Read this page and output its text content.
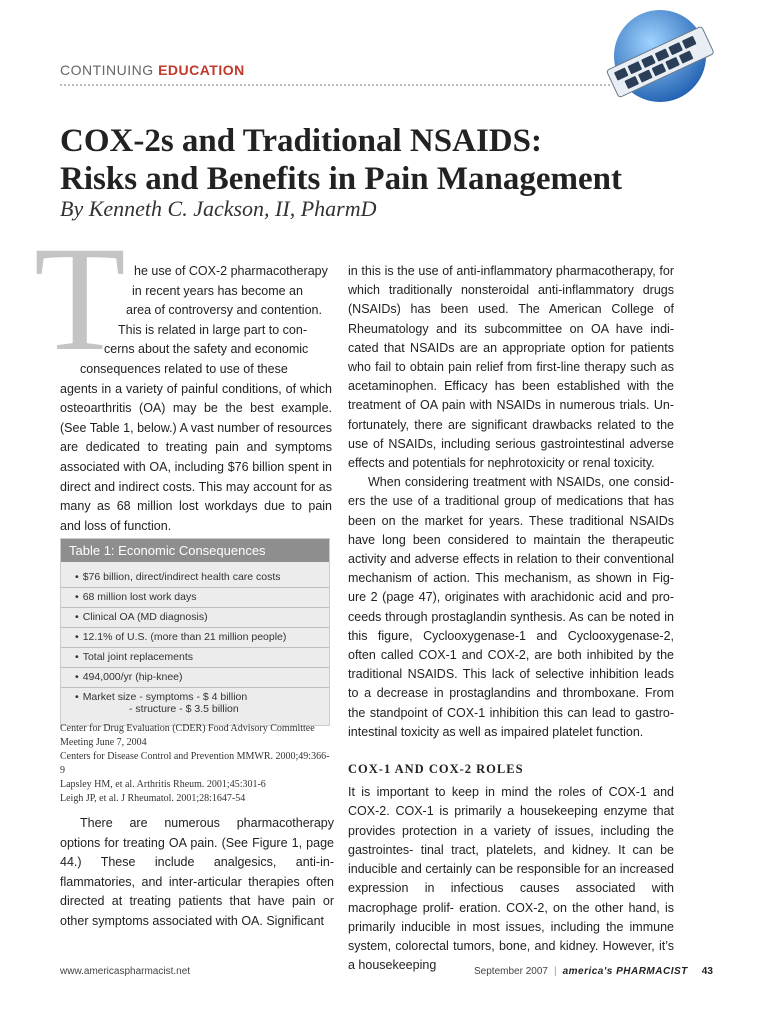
CONTINUING EDUCATION
COX-2s and Traditional NSAIDS:
Risks and Benefits in Pain Management
By Kenneth C. Jackson, II, PharmD
T he use of COX-2 pharmacotherapy
in recent years has become an
area of controversy and contention.
This is related in large part to con-
cerns about the safety and economic
consequences related to use of these
agents in a variety of painful conditions, of which osteoarthritis (OA) may be the best example. (See Table 1, below.) A vast number of resources are dedicated to treating pain and symptoms associated with OA, including $76 billion spent in direct and indirect costs. This may account for as many as 68 million lost workdays due to pain and loss of function.
Table 1: Economic Consequences
• $76 billion, direct/indirect health care costs
• 68 million lost work days
• Clinical OA (MD diagnosis)
• 12.1% of U.S. (more than 21 million people)
• Total joint replacements
• 494,000/yr (hip-knee)
• Market size - symptoms - $ 4 billion
- structure - $ 3.5 billion
Center for Drug Evaluation (CDER) Food Advisory Committee Meeting June 7, 2004
Centers for Disease Control and Prevention MMWR. 2000;49:366-9
Lapsley HM, et al. Arthritis Rheum. 2001;45:301-6
Leigh JP, et al. J Rheumatol. 2001;28:1647-54

There are numerous pharmacotherapy options for treating OA pain. (See Figure 1, page 44.) These include analgesics, anti-in- flammatories, and inter-articular therapies often directed at treating patients that have pain or other symptoms associated with OA. Significant

in this is the use of anti-inflammatory pharmacotherapy, for which traditionally nonsteroidal anti-inflammatory drugs (NSAIDs) has been used. The American College of Rheumatology and its subcommittee on OA have indi- cated that NSAIDs are an appropriate option for patients who fail to obtain pain relief from first-line therapy such as acetaminophen. Efficacy has been established with the treatment of OA pain with NSAIDs in numerous trials. Un- fortunately, there are significant drawbacks related to the use of NSAIDs, including serious gastrointestinal adverse effects and potentials for nephrotoxicity or renal toxicity.

When considering treatment with NSAIDs, one consid- ers the use of a traditional group of medications that has been on the market for years. These traditional NSAIDs have long been considered to maintain the therapeutic activity and adverse effects in relation to their conventional mechanism of action. This mechanism, as shown in Fig- ure 2 (page 47), originates with arachidonic acid and pro- ceeds through prostaglandin synthesis. As can be noted in this figure, Cyclooxygenase-1 and Cyclooxygenase-2, often called COX-1 and COX-2, are both inhibited by the traditional NSAIDS. This lack of selective inhibition leads to a decrease in prostaglandins and thromboxane. From the standpoint of COX-1 inhibition this can lead to gastro- intestinal toxicity as well as impaired platelet function.

COX-1 AND COX-2 ROLES

It is important to keep in mind the roles of COX-1 and COX-2. COX-1 is primarily a housekeeping enzyme that provides protection in a variety of issues, including the gastrointes- tinal tract, platelets, and kidney. It can be inducible and certainly can be responsible for an increased expression in infectious causes associated with macrophage prolif- eration. COX-2, on the other hand, is primarily inducible in most issues, including the immune system, colorectal tumors, bone, and kidney. However, it’s a housekeeping

www.americaspharmacist.net	September 2007 | america's PHARMACIST 43
